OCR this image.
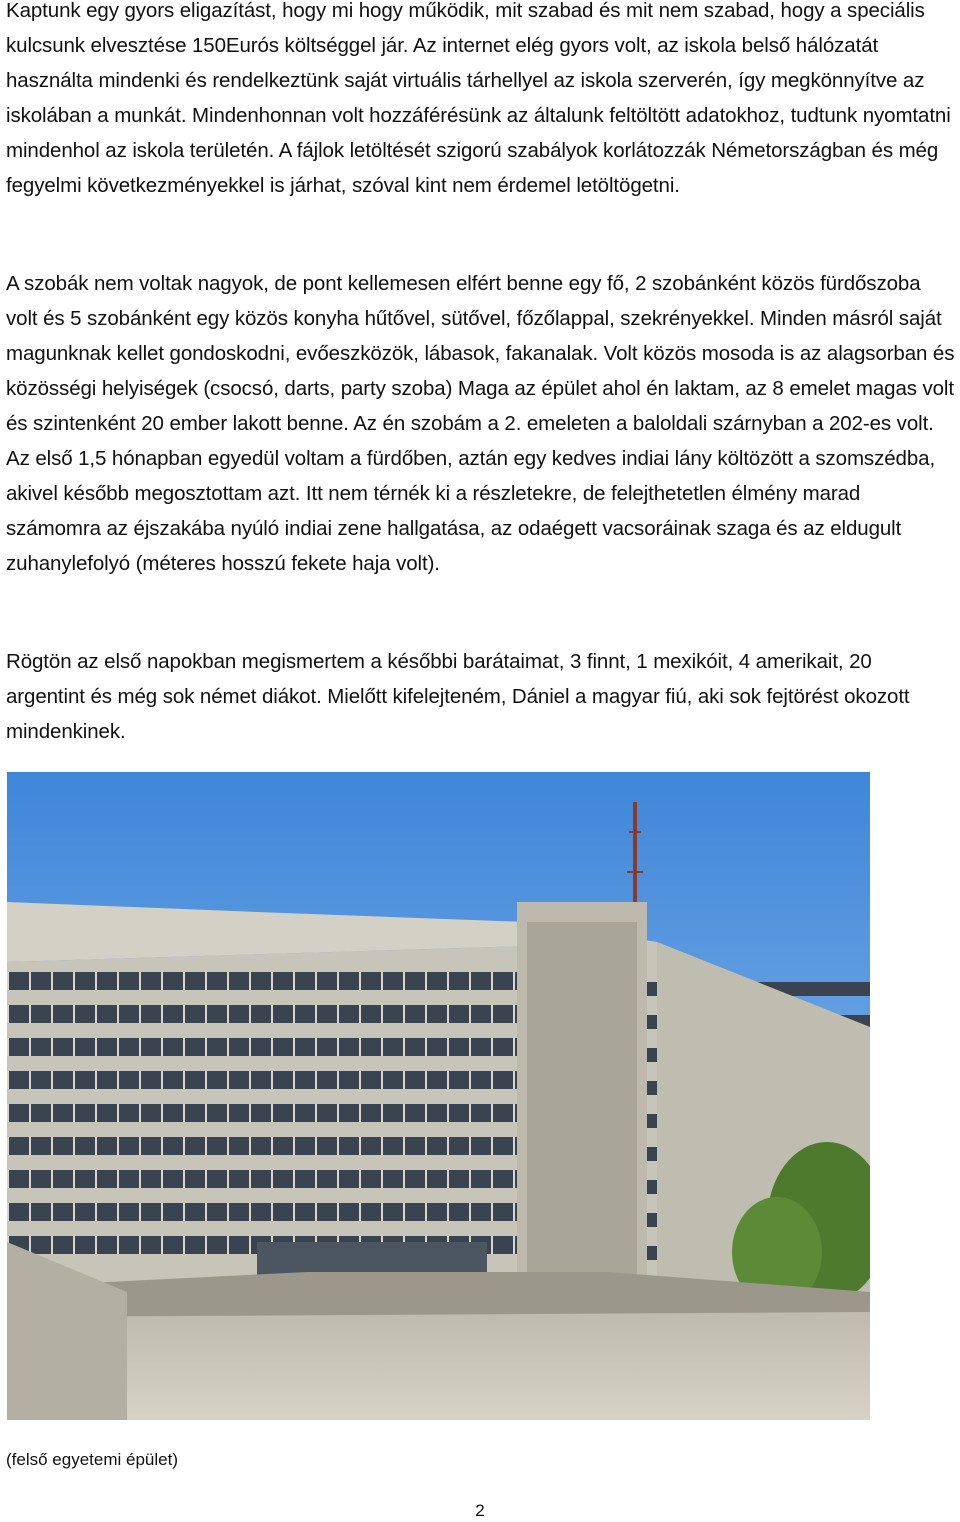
Kaptunk egy gyors eligazítást, hogy mi hogy működik, mit szabad és mit nem szabad, hogy a speciális kulcsunk elvesztése 150Eurós költséggel jár. Az internet elég gyors volt, az iskola belső hálózatát használta mindenki és rendelkeztünk saját virtuális tárhellyel az iskola szerverén, így megkönnyítve az iskolában a munkát. Mindenhonnan volt hozzáférésünk az általunk feltöltött adatokhoz, tudtunk nyomtatni mindenhol az iskola területén. A fájlok letöltését szigorú szabályok korlátozzák Németországban és még fegyelmi következményekkel is járhat, szóval kint nem érdemel letöltögetni.

A szobák nem voltak nagyok, de pont kellemesen elfért benne egy fő, 2 szobánként közös fürdőszoba volt és 5 szobánként egy közös konyha hűtővel, sütővel, főzőlappal, szekrényekkel. Minden másról saját magunknak kellet gondoskodni, evőeszközök, lábasok, fakanalak. Volt közös mosoda is az alagsorban és közösségi helyiségek (csocsó, darts, party szoba) Maga az épület ahol én laktam, az 8 emelet magas volt és szintenként 20 ember lakott benne. Az én szobám a 2. emeleten a baloldali szárnyban a 202-es volt. Az első 1,5 hónapban egyedül voltam a fürdőben, aztán egy kedves indiai lány költözött a szomszédba, akivel később megosztottam azt. Itt nem térnék ki a részletekre, de felejthetetlen élmény marad számomra az éjszakába nyúló indiai zene hallgatása, az odaégett vacsoráinak szaga és az eldugult zuhanylefolyó (méteres hosszú fekete haja volt).

Rögtön az első napokban megismertem a későbbi barátaimat, 3 finnt, 1 mexikóit, 4 amerikait, 20 argentint és még sok német diákot. Mielőtt kifelejteném, Dániel a magyar fiú, aki sok fejtörést okozott mindenkinek.

(felső egyetemi épület)
2
